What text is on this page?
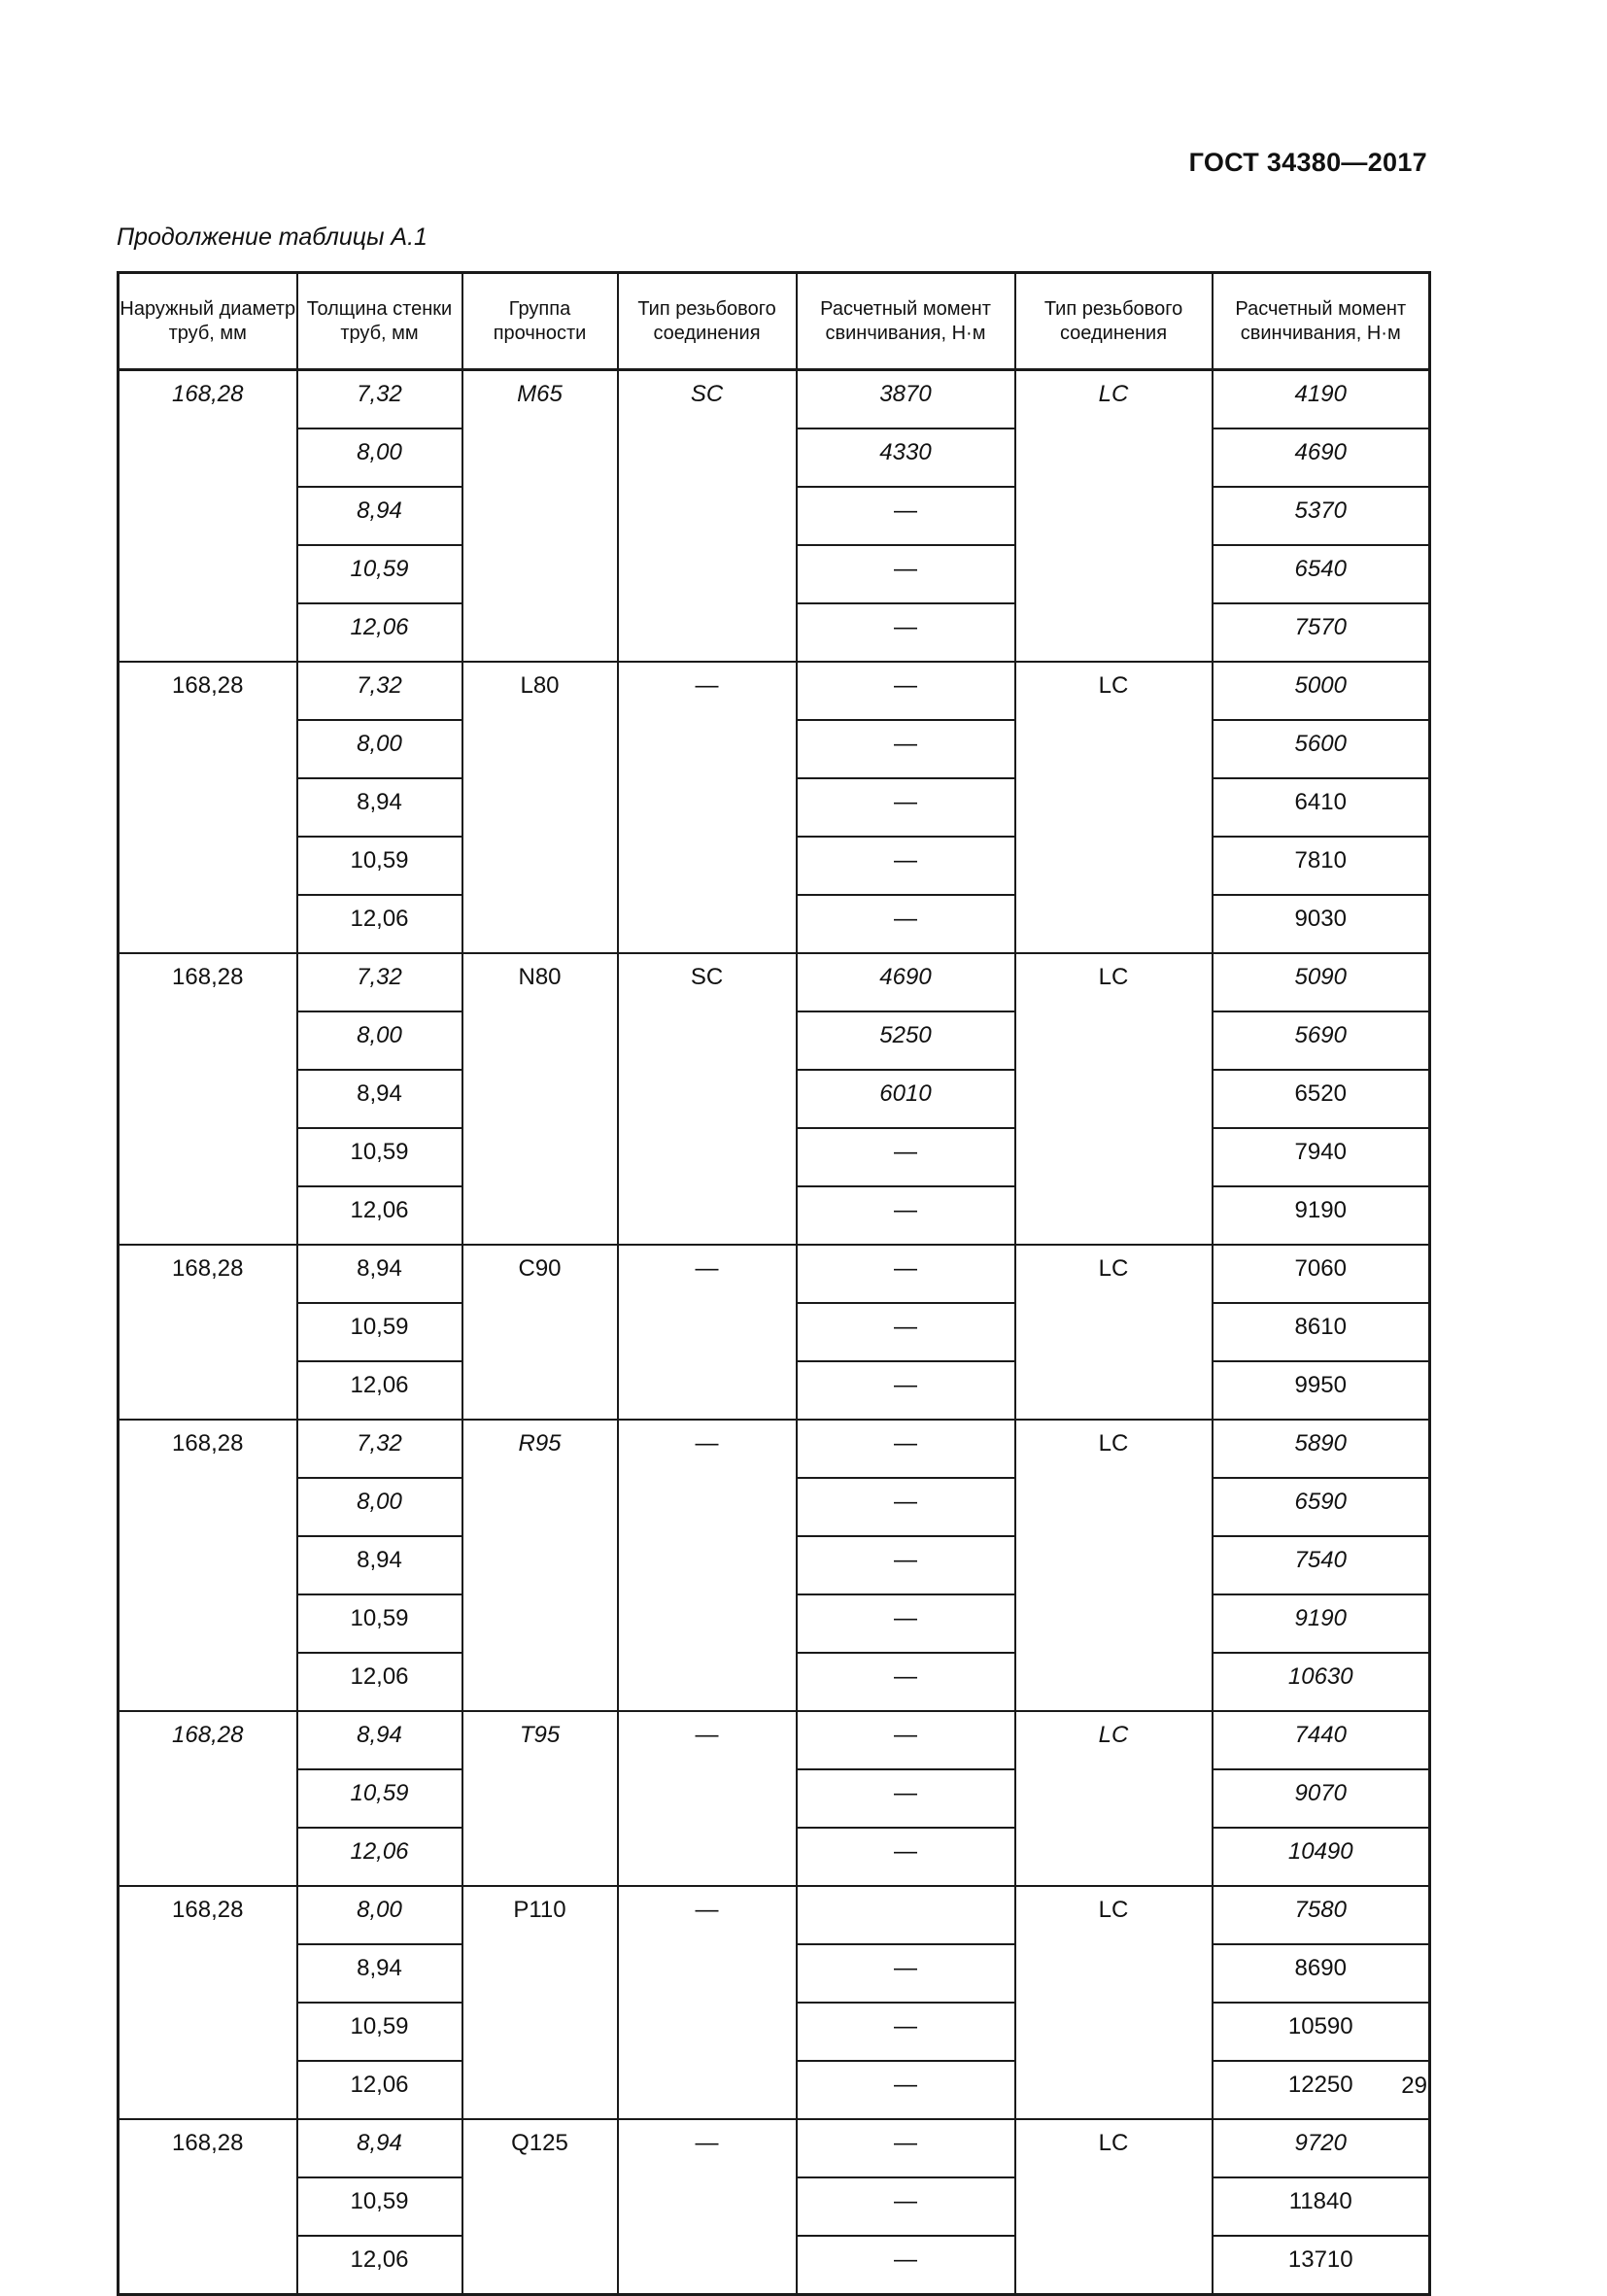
ГОСТ 34380—2017
Продолжение таблицы А.1
Наружный диаметр труб, мм	Толщина стенки труб, мм	Группа прочности	Тип резьбового соединения	Расчетный момент свинчивания, Н·м	Тип резьбового соединения	Расчетный момент свинчивания, Н·м
168,28	7,32	M65	SC	3870	LC	4190
	8,00			4330		4690
	8,94			—		5370
	10,59			—		6540
	12,06			—		7570
168,28	7,32	L80	—	—	LC	5000
	8,00			—		5600
	8,94			—		6410
	10,59			—		7810
	12,06			—		9030
168,28	7,32	N80	SC	4690	LC	5090
	8,00			5250		5690
	8,94			6010		6520
	10,59			—		7940
	12,06			—		9190
168,28	8,94	C90	—	—	LC	7060
	10,59			—		8610
	12,06			—		9950
168,28	7,32	R95	—	—	LC	5890
	8,00			—		6590
	8,94			—		7540
	10,59			—		9190
	12,06			—		10630
168,28	8,94	T95	—	—	LC	7440
	10,59			—		9070
	12,06			—		10490
168,28	8,00	P110	—		LC	7580
	8,94			—		8690
	10,59			—		10590
	12,06			—		12250
168,28	8,94	Q125	—	—	LC	9720
	10,59			—		11840
	12,06			—		13710
29
